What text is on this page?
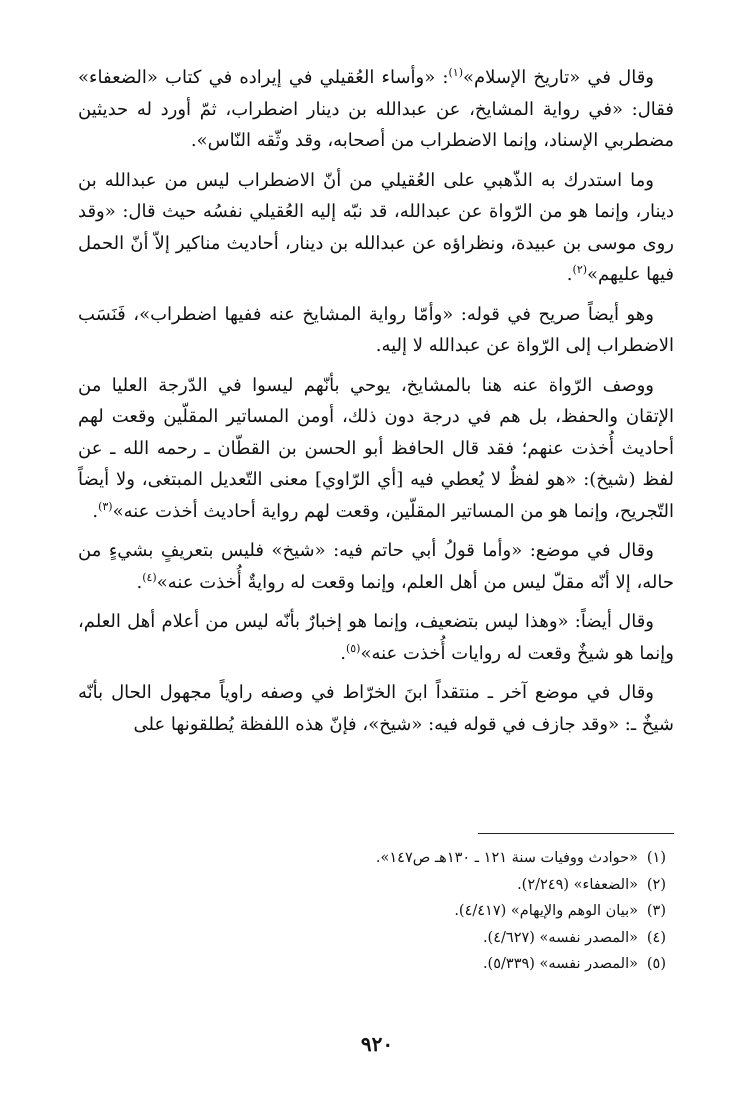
وقال في «تاريخ الإسلام»$^{(١)}$: «وأساء العُقيلي في إيراده في كتاب «الضعفاء» فقال: «في رواية المشايخ، عن عبدالله بن دينار اضطراب، ثمّ أورد له حديثين مضطربي الإسناد، وإنما الاضطراب من أصحابه، وقد وثّقه النّاس».

وما استدرك به الذّهبي على العُقيلي من أنّ الاضطراب ليس من عبدالله بن دينار، وإنما هو من الرّواة عن عبدالله، قد نبّه إليه العُقيلي نفسُه حيث قال: «وقد روى موسى بن عبيدة، ونظراؤه عن عبدالله بن دينار، أحاديث مناكير إلاّ أنّ الحمل فيها عليهم»$^{(٢)}$.

وهو أيضاً صريح في قوله: «وأمّا رواية المشايخ عنه ففيها اضطراب»، فَنَسَب الاضطراب إلى الرّواة عن عبدالله لا إليه.

ووصف الرّواة عنه هنا بالمشايخ، يوحي بأنّهم ليسوا في الدّرجة العليا من الإتقان والحفظ، بل هم في درجة دون ذلك، أومن المساتير المقلّين وقعت لهم أحاديث أُخذت عنهم؛ فقد قال الحافظ أبو الحسن بن القطّان ـ رحمه الله ـ عن لفظ (شيخ): «هو لفظٌ لا يُعطي فيه [أي الرّاوي] معنى التّعديل المبتغى، ولا أيضاً التّجريح، وإنما هو من المساتير المقلّين، وقعت لهم رواية أحاديث أخذت عنه»$^{(٣)}$.

وقال في موضع: «وأما قولُ أبي حاتم فيه: «شيخ» فليس بتعريفٍ بشيءٍ من حاله، إلا أنّه مقلّ ليس من أهل العلم، وإنما وقعت له روايةٌ أُخذت عنه»$^{(٤)}$.

وقال أيضاً: «وهذا ليس بتضعيف، وإنما هو إخبارٌ بأنّه ليس من أعلام أهل العلم، وإنما هو شيخٌ وقعت له روايات أُخذت عنه»$^{(٥)}$.

وقال في موضع آخر ـ منتقداً ابنَ الخرّاط في وصفه راوياً مجهول الحال بأنّه شيخٌ ـ: «وقد جازف في قوله فيه: «شيخ»، فإنّ هذه اللفظة يُطلقونها على

(١)«حوادث ووفيات سنة ١٢١ ـ ١٣٠هـ ص١٤٧».

(٢)«الضعفاء» (٢/٢٤٩).

(٣)«بيان الوهم والإيهام» (٤/٤١٧).

(٤)«المصدر نفسه» (٤/٦٢٧).

(٥)«المصدر نفسه» (٥/٣٣٩).

٩٢٠
